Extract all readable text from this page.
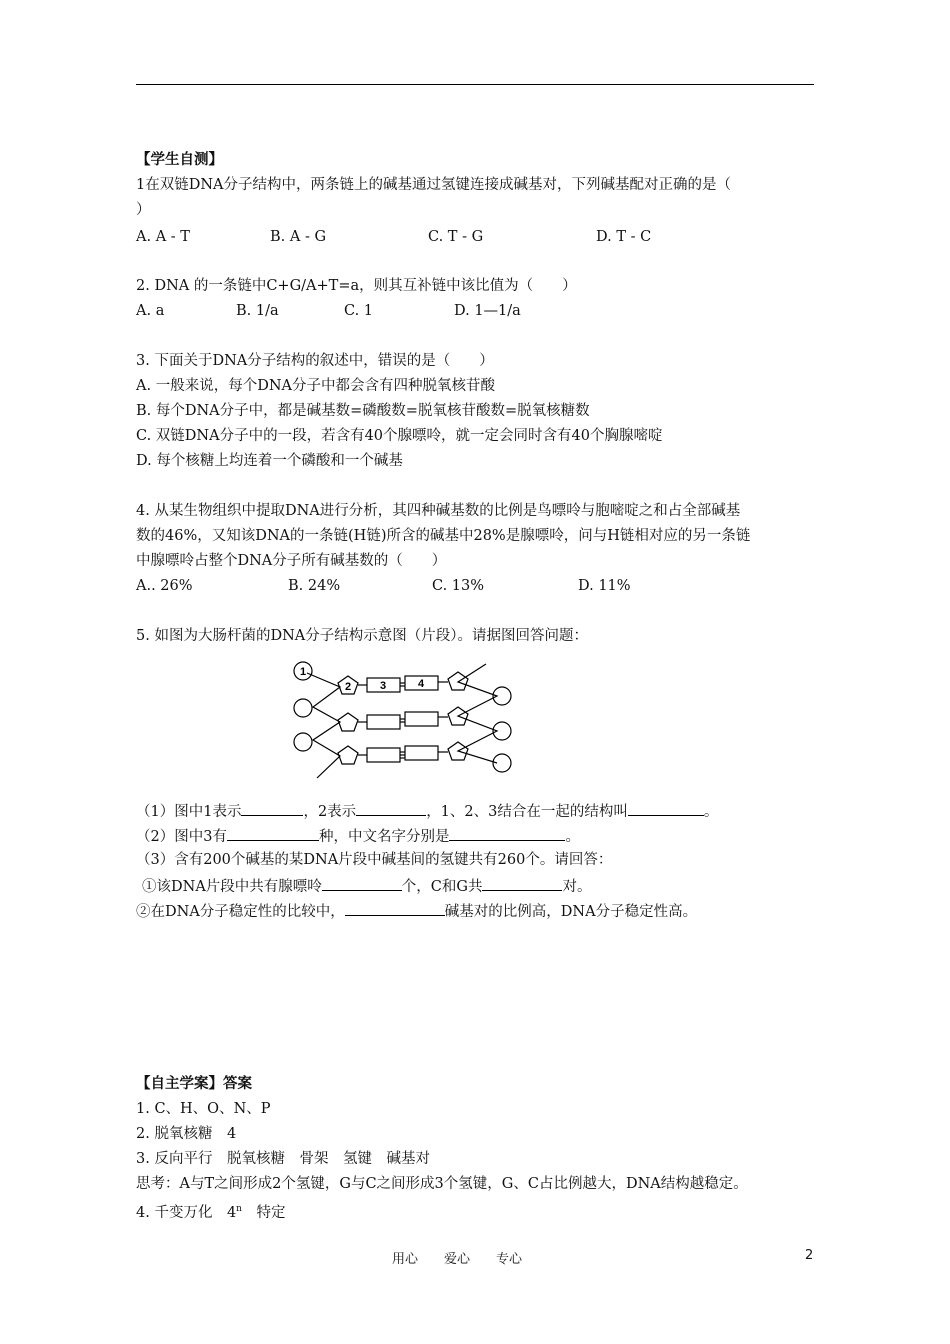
【学生自测】
1在双链DNA分子结构中，两条链上的碱基通过氢键连接成碱基对，下列碱基配对正确的是（
）
A. A - T	B. A - G	C. T - G	D. T - C
2. DNA 的一条链中C+G/A+T=a，则其互补链中该比值为（　　）
A. a	B. 1/a	C. 1	D. 1—1/a
3. 下面关于DNA分子结构的叙述中，错误的是（　　）
A. 一般来说，每个DNA分子中都会含有四种脱氧核苷酸
B. 每个DNA分子中，都是碱基数=磷酸数=脱氧核苷酸数=脱氧核糖数
C. 双链DNA分子中的一段，若含有40个腺嘌呤，就一定会同时含有40个胸腺嘧啶
D. 每个核糖上均连着一个磷酸和一个碱基
4. 从某生物组织中提取DNA进行分析，其四种碱基数的比例是鸟嘌呤与胞嘧啶之和占全部碱基
数的46%，又知该DNA的一条链(H链)所含的碱基中28%是腺嘌呤，问与H链相对应的另一条链
中腺嘌呤占整个DNA分子所有碱基数的（　　）
A.. 26%	B. 24%	C. 13%	D. 11%
5. 如图为大肠杆菌的DNA分子结构示意图（片段）。请据图回答问题：
1
2	3	4
（1）图中1表示	，2表示	，1、2、3结合在一起的结构叫	。
（2）图中3有	种，中文名字分别是	。
（3）含有200个碱基的某DNA片段中碱基间的氢键共有260个。请回答：
①该DNA片段中共有腺嘌呤	个，C和G共	对。
②在DNA分子稳定性的比较中，	碱基对的比例高，DNA分子稳定性高。
【自主学案】答案
1. C、H、O、N、P
2. 脱氧核糖　4
3. 反向平行　脱氧核糖　骨架　氢键　碱基对
思考：A与T之间形成2个氢键，G与C之间形成3个氢键，G、C占比例越大，DNA结构越稳定。
4. 千变万化　4$^n$　特定
用心　　爱心　　专心	2
